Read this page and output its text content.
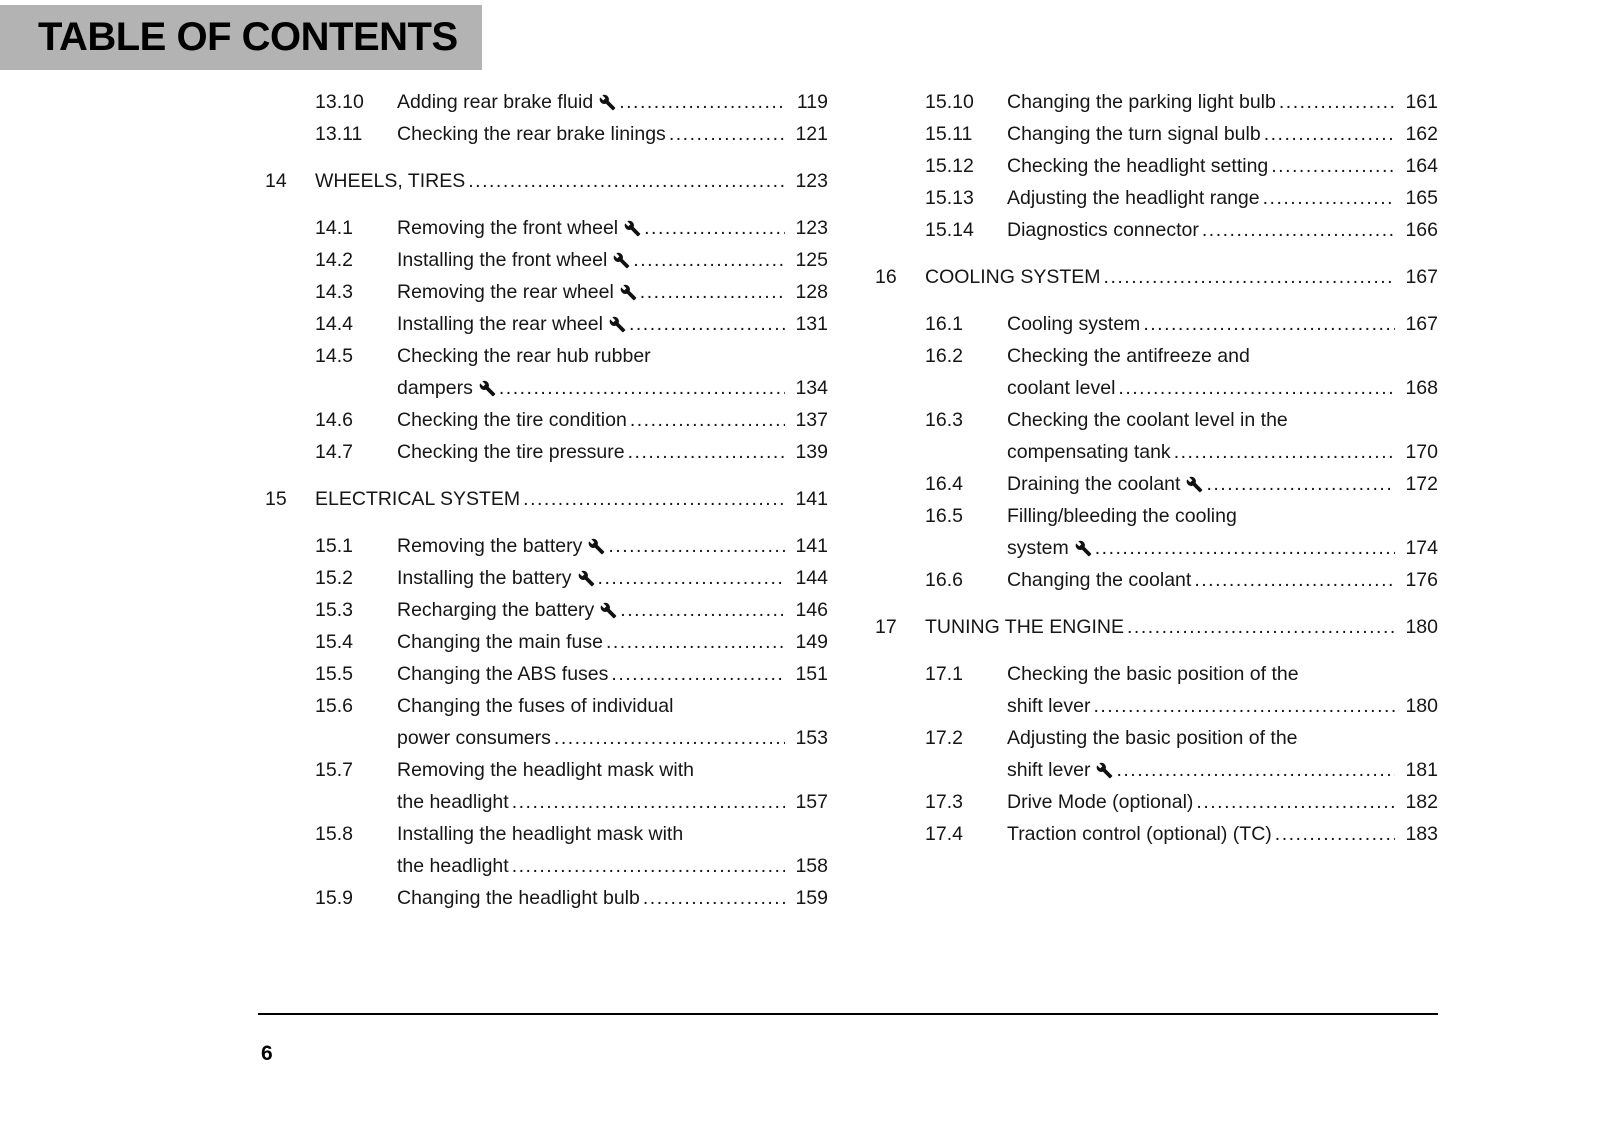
TABLE OF CONTENTS
13.10	Adding rear brake fluid .....	119
13.11	Checking the rear brake linings .....	121
14	WHEELS, TIRES .....	123
14.1	Removing the front wheel .....	123
14.2	Installing the front wheel .....	125
14.3	Removing the rear wheel .....	128
14.4	Installing the rear wheel .....	131
14.5	Checking the rear hub rubber
dampers .....	134
14.6	Checking the tire condition .....	137
14.7	Checking the tire pressure .....	139
15	ELECTRICAL SYSTEM .....	141
15.1	Removing the battery .....	141
15.2	Installing the battery .....	144
15.3	Recharging the battery .....	146
15.4	Changing the main fuse .....	149
15.5	Changing the ABS fuses .....	151
15.6	Changing the fuses of individual
power consumers .....	153
15.7	Removing the headlight mask with
the headlight .....	157
15.8	Installing the headlight mask with
the headlight .....	158
15.9	Changing the headlight bulb .....	159
15.10	Changing the parking light bulb .....	161
15.11	Changing the turn signal bulb .....	162
15.12	Checking the headlight setting .....	164
15.13	Adjusting the headlight range .....	165
15.14	Diagnostics connector .....	166
16	COOLING SYSTEM .....	167
16.1	Cooling system .....	167
16.2	Checking the antifreeze and
coolant level .....	168
16.3	Checking the coolant level in the
compensating tank .....	170
16.4	Draining the coolant .....	172
16.5	Filling/bleeding the cooling
system .....	174
16.6	Changing the coolant .....	176
17	TUNING THE ENGINE .....	180
17.1	Checking the basic position of the
shift lever .....	180
17.2	Adjusting the basic position of the
shift lever .....	181
17.3	Drive Mode (optional) .....	182
17.4	Traction control (optional) (TC) .....	183
6
